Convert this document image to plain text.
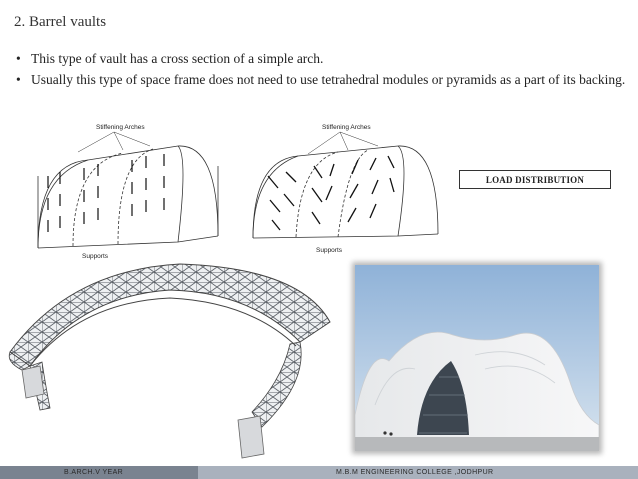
2. Barrel vaults
• This type of vault has a cross section of a simple arch.
• Usually this type of space frame does not need to use tetrahedral modules or pyramids as a part of its backing.
Stiffening Arches
Supports
Stiffening Arches
Supports
LOAD DISTRIBUTION
B.ARCH.V YEAR	M.B.M ENGINEERING COLLEGE ,JODHPUR
